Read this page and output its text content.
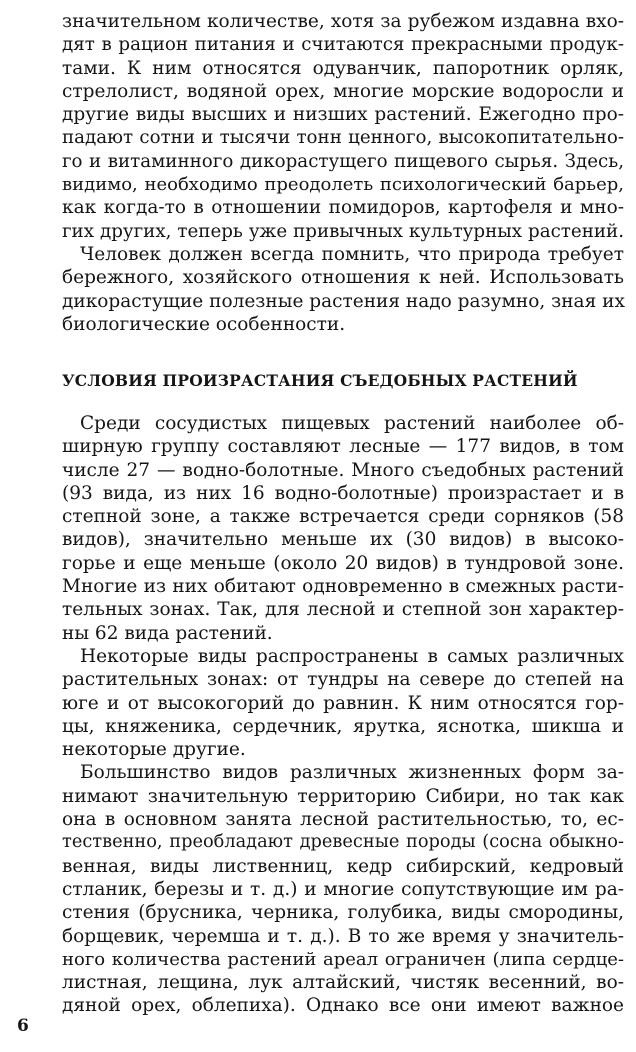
значительном количестве, хотя за рубежом издавна вхо-
дят в рацион питания и считаются прекрасными продук-
тами. К ним относятся одуванчик, папоротник орляк,
стрелолист, водяной орех, многие морские водоросли и
другие виды высших и низших растений. Ежегодно про-
падают сотни и тысячи тонн ценного, высокопитательно-
го и витаминного дикорастущего пищевого сырья. Здесь,
видимо, необходимо преодолеть психологический барьер,
как когда-то в отношении помидоров, картофеля и мно-
гих других, теперь уже привычных культурных растений.
Человек должен всегда помнить, что природа требует
бережного, хозяйского отношения к ней. Использовать
дикорастущие полезные растения надо разумно, зная их
биологические особенности.
УСЛОВИЯ ПРОИЗРАСТАНИЯ СЪЕДОБНЫХ РАСТЕНИЙ
Среди сосудистых пищевых растений наиболее об-
ширную группу составляют лесные — 177 видов, в том
числе 27 — водно-болотные. Много съедобных растений
(93 вида, из них 16 водно-болотные) произрастает и в
степной зоне, а также встречается среди сорняков (58
видов), значительно меньше их (30 видов) в высоко-
горье и еще меньше (около 20 видов) в тундровой зоне.
Многие из них обитают одновременно в смежных расти-
тельных зонах. Так, для лесной и степной зон характер-
ны 62 вида растений.
Некоторые виды распространены в самых различных
растительных зонах: от тундры на севере до степей на
юге и от высокогорий до равнин. К ним относятся гор-
цы, княженика, сердечник, ярутка, яснотка, шикша и
некоторые другие.
Большинство видов различных жизненных форм за-
нимают значительную территорию Сибири, но так как
она в основном занята лесной растительностью, то, ес-
тественно, преобладают древесные породы (сосна обыкно-
венная, виды лиственниц, кедр сибирский, кедровый
стланик, березы и т. д.) и многие сопутствующие им ра-
стения (брусника, черника, голубика, виды смородины,
борщевик, черемша и т. д.). В то же время у значитель-
ного количества растений ареал ограничен (липа сердце-
листная, лещина, лук алтайский, чистяк весенний, во-
дяной орех, облепиха). Однако все они имеют важное
6
